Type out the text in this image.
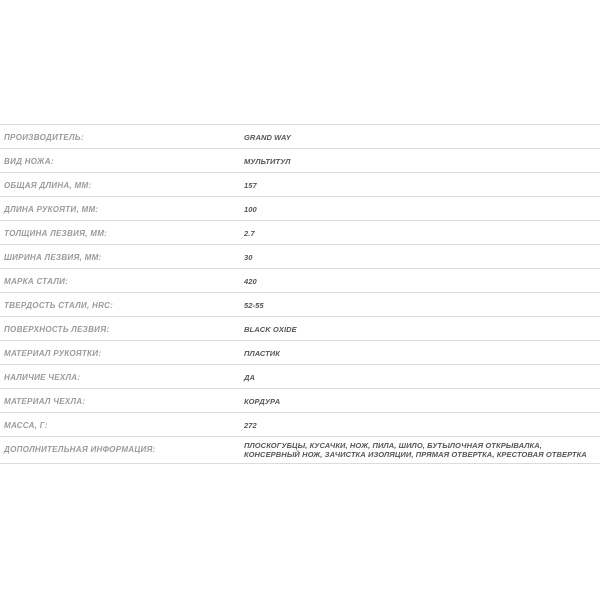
ПРОИЗВОДИТЕЛЬ:	GRAND WAY
ВИД НОЖА:	МУЛЬТИТУЛ
ОБЩАЯ ДЛИНА, ММ:	157
ДЛИНА РУКОЯТИ, ММ:	100
ТОЛЩИНА ЛЕЗВИЯ, ММ:	2.7
ШИРИНА ЛЕЗВИЯ, ММ:	30
МАРКА СТАЛИ:	420
ТВЕРДОСТЬ СТАЛИ, HRC:	52-55
ПОВЕРХНОСТЬ ЛЕЗВИЯ:	BLACK OXIDE
МАТЕРИАЛ РУКОЯТКИ:	ПЛАСТИК
НАЛИЧИЕ ЧЕХЛА:	ДА
МАТЕРИАЛ ЧЕХЛА:	КОРДУРА
МАССА, Г:	272
ДОПОЛНИТЕЛЬНАЯ ИНФОРМАЦИЯ:	ПЛОСКОГУБЦЫ, КУСАЧКИ, НОЖ, ПИЛА, ШИЛО, БУТЫЛОЧНАЯ ОТКРЫВАЛКА, КОНСЕРВНЫЙ НОЖ, ЗАЧИСТКА ИЗОЛЯЦИИ, ПРЯМАЯ ОТВЕРТКА, КРЕСТОВАЯ ОТВЕРТКА
